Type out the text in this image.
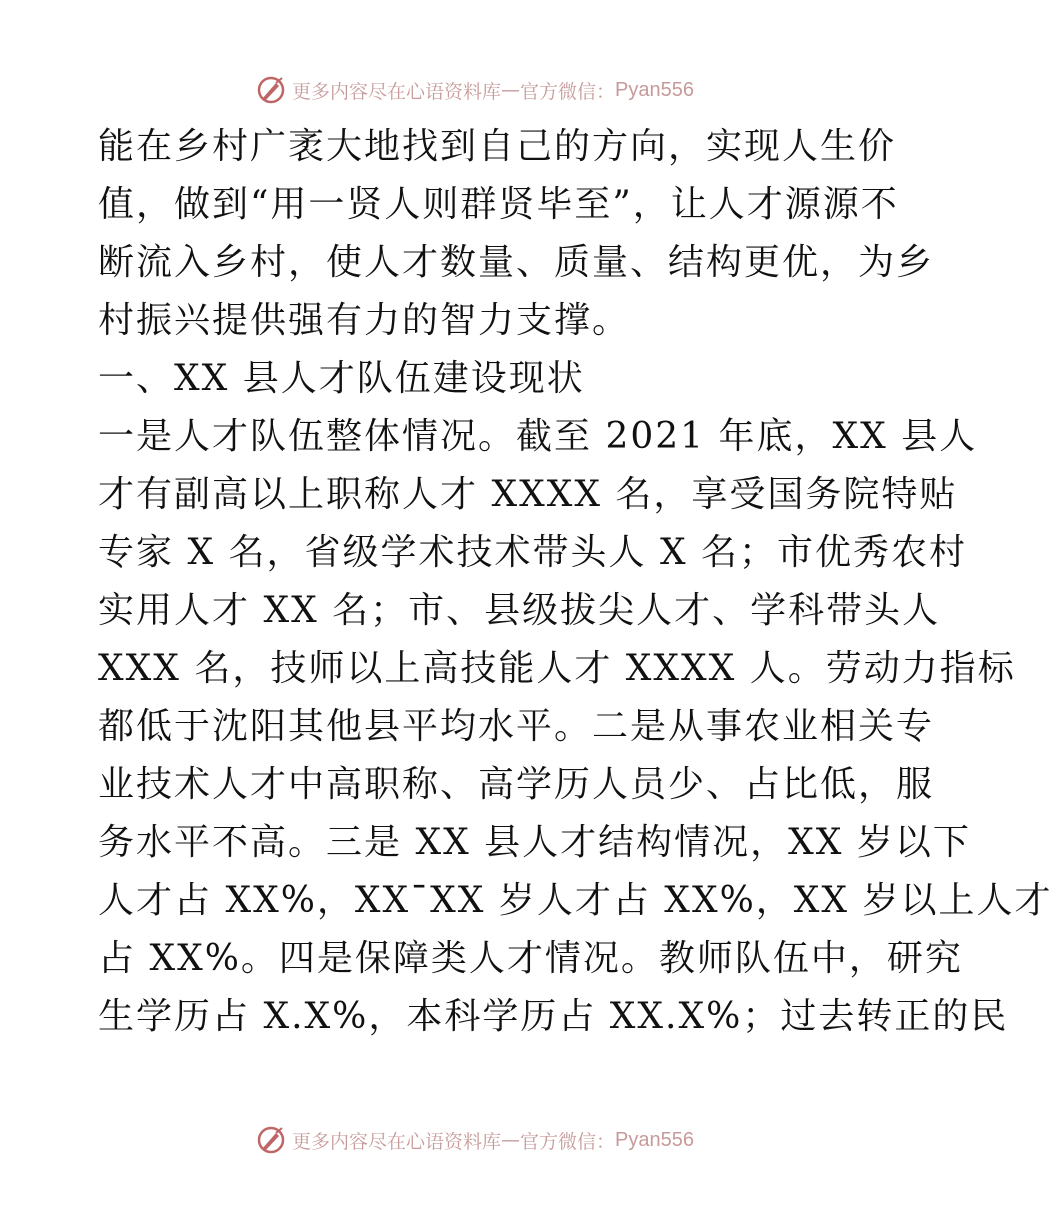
更多内容尽在心语资料库 — 官方微信： Pyan556
能在乡村广袤大地找到自己的方向，实现人生价
值，做到“用一贤人则群贤毕至”，让人才源源不
断流入乡村，使人才数量、质量、结构更优，为乡
村振兴提供强有力的智力支撑。
一、XX 县人才队伍建设现状
一是人才队伍整体情况。截至 2021 年底，XX 县人
才有副高以上职称人才 XXXX 名，享受国务院特贴
专家 X 名，省级学术技术带头人 X 名；市优秀农村
实用人才 XX 名；市、县级拔尖人才、学科带头人
XXX 名，技师以上高技能人才 XXXX 人。劳动力指标
都低于沈阳其他县平均水平。二是从事农业相关专
业技术人才中高职称、高学历人员少、占比低，服
务水平不高。三是 XX 县人才结构情况，XX 岁以下
人才占 XX%，XX¯XX 岁人才占 XX%，XX 岁以上人才
占 XX%。四是保障类人才情况。教师队伍中，研究
生学历占 X.X%，本科学历占 XX.X%；过去转正的民
更多内容尽在心语资料库 — 官方微信： Pyan556
